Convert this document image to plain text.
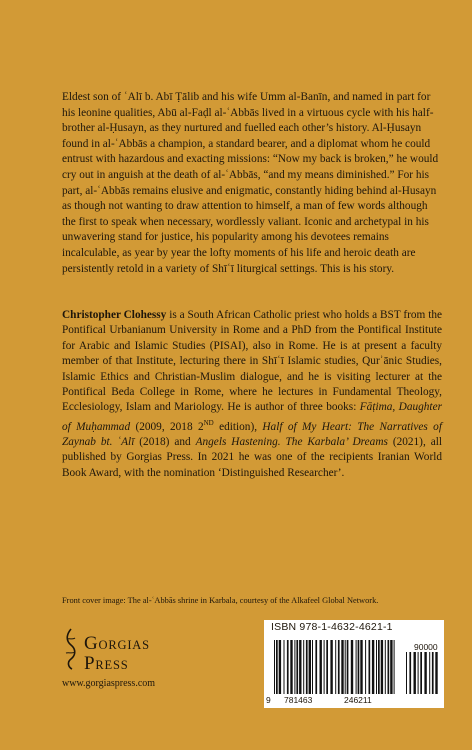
Eldest son of ʿAlī b. Abī Ṭālib and his wife Umm al-Banīn, and named in part for his leonine qualities, Abū al-Faḍl al-ʿAbbās lived in a virtuous cycle with his half-brother al-Ḥusayn, as they nurtured and fuelled each other’s history. Al-Ḥusayn found in al-ʿAbbās a champion, a standard bearer, and a diplomat whom he could entrust with hazardous and exacting missions: “Now my back is broken,” he would cry out in anguish at the death of al-ʿAbbās, “and my means diminished.” For his part, al-ʿAbbās remains elusive and enigmatic, constantly hiding behind al-Husayn as though not wanting to draw attention to himself, a man of few words although the first to speak when necessary, wordlessly valiant. Iconic and archetypal in his unwavering stand for justice, his popularity among his devotees remains incalculable, as year by year the lofty moments of his life and heroic death are persistently retold in a variety of Shīʿī liturgical settings. This is his story.

Christopher Clohessy is a South African Catholic priest who holds a BST from the Pontifical Urbanianum University in Rome and a PhD from the Pontifical Institute for Arabic and Islamic Studies (PISAI), also in Rome. He is at present a faculty member of that Institute, lecturing there in Shīʿī Islamic studies, Qurʾānic Studies, Islamic Ethics and Christian-Muslim dialogue, and he is visiting lecturer at the Pontifical Beda College in Rome, where he lectures in Fundamental Theology, Ecclesiology, Islam and Mariology. He is author of three books: Fāṭima, Daughter of Muḥammad (2009, 2018 2ND edition), Half of My Heart: The Narratives of Zaynab bt. ʿAlī (2018) and Angels Hastening. The Karbala’ Dreams (2021), all published by Gorgias Press. In 2021 he was one of the recipients Iranian World Book Award, with the nomination ‘Distinguished Researcher’.

Front cover image: The al-ʿAbbās shrine in Karbala, courtesy of the Alkafeel Global Network.

GORGIAS
PRESS

www.gorgiaspress.com

ISBN 978-1-4632-4621-1
90000
9 781463	246211
